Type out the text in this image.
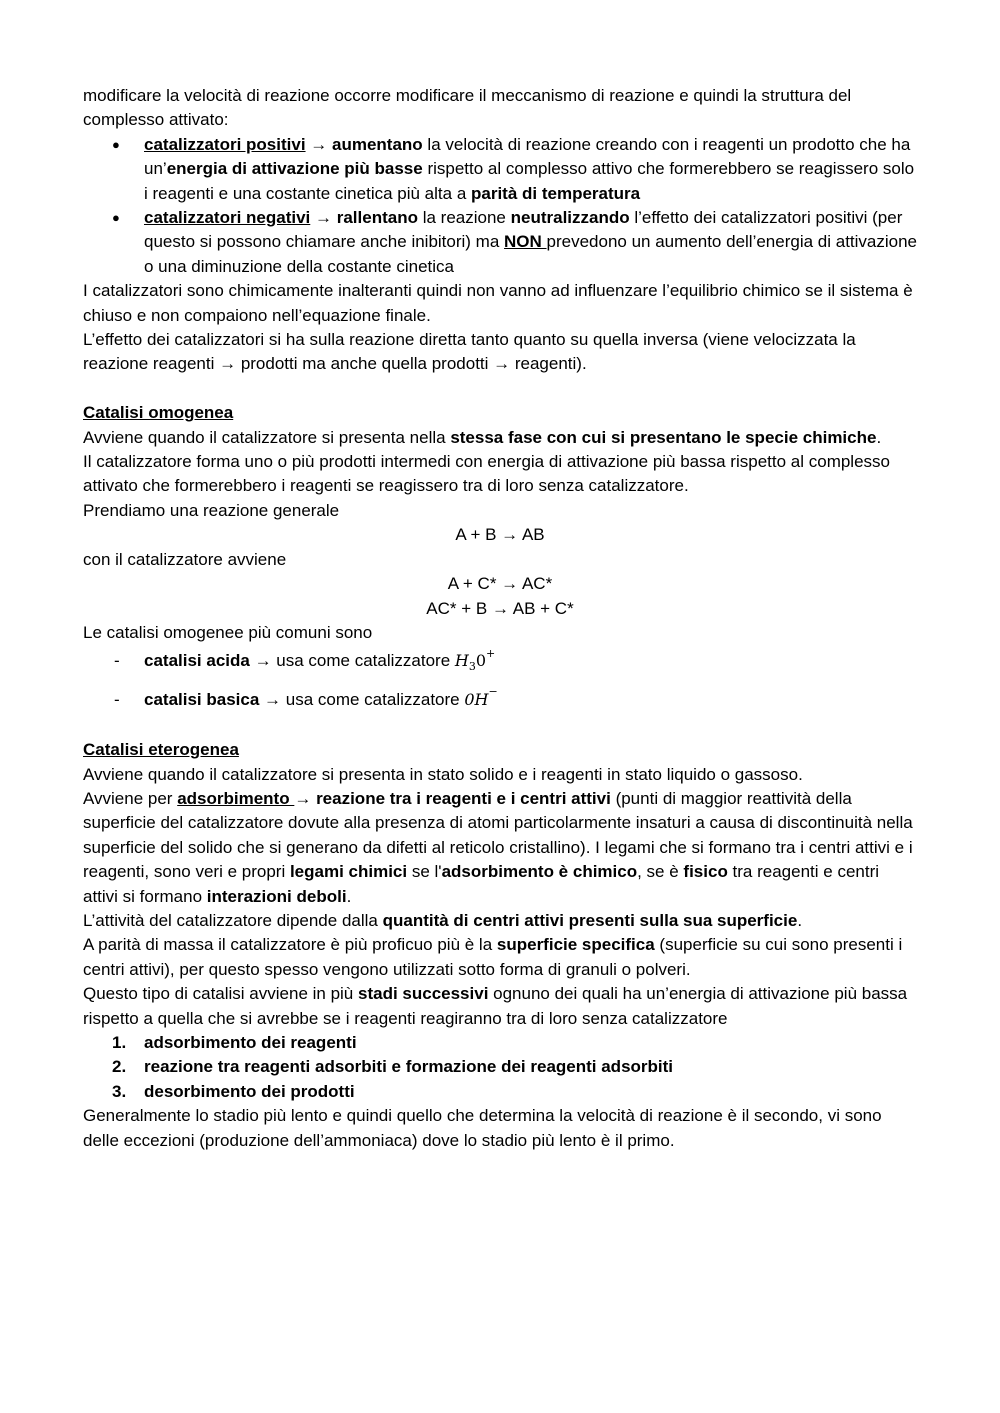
modificare la velocità di reazione occorre modificare il meccanismo di reazione e quindi la struttura del complesso attivato:

● catalizzatori positivi → aumentano la velocità di reazione creando con i reagenti un prodotto che ha un’energia di attivazione più basse rispetto al complesso attivo che formerebbero se reagissero solo i reagenti e una costante cinetica più alta a parità di temperatura
● catalizzatori negativi → rallentano la reazione neutralizzando l’effetto dei catalizzatori positivi (per questo si possono chiamare anche inibitori) ma NON prevedono un aumento dell’energia di attivazione o una diminuzione della costante cinetica

I catalizzatori sono chimicamente inalteranti quindi non vanno ad influenzare l’equilibrio chimico se il sistema è chiuso e non compaiono nell’equazione finale.

L’effetto dei catalizzatori si ha sulla reazione diretta tanto quanto su quella inversa (viene velocizzata la reazione reagenti → prodotti ma anche quella prodotti → reagenti).

Catalisi omogenea

Avviene quando il catalizzatore si presenta nella stessa fase con cui si presentano le specie chimiche.

Il catalizzatore forma uno o più prodotti intermedi con energia di attivazione più bassa rispetto al complesso attivato che formerebbero i reagenti se reagissero tra di loro senza catalizzatore.

Prendiamo una reazione generale

A + B → AB

con il catalizzatore avviene

A + C* → AC*

AC* + B → AB + C*

Le catalisi omogenee più comuni sono

- catalisi acida → usa come catalizzatore $H_30^+$
- catalisi basica → usa come catalizzatore 0H−

Catalisi eterogenea

Avviene quando il catalizzatore si presenta in stato solido e i reagenti in stato liquido o gassoso.

Avviene per adsorbimento → reazione tra i reagenti e i centri attivi (punti di maggior reattività della superficie del catalizzatore dovute alla presenza di atomi particolarmente insaturi a causa di discontinuità nella superficie del solido che si generano da difetti al reticolo cristallino). I legami che si formano tra i centri attivi e i reagenti, sono veri e propri legami chimici se l'adsorbimento è chimico, se è fisico tra reagenti e centri attivi si formano interazioni deboli.

L’attività del catalizzatore dipende dalla quantità di centri attivi presenti sulla sua superficie.

A parità di massa il catalizzatore è più proficuo più è la superficie specifica (superficie su cui sono presenti i centri attivi), per questo spesso vengono utilizzati sotto forma di granuli o polveri.

Questo tipo di catalisi avviene in più stadi successivi ognuno dei quali ha un’energia di attivazione più bassa rispetto a quella che si avrebbe se i reagenti reagiranno tra di loro senza catalizzatore

1. adsorbimento dei reagenti
2. reazione tra reagenti adsorbiti e formazione dei reagenti adsorbiti
3. desorbimento dei prodotti

Generalmente lo stadio più lento e quindi quello che determina la velocità di reazione è il secondo, vi sono delle eccezioni (produzione dell’ammoniaca) dove lo stadio più lento è il primo.
